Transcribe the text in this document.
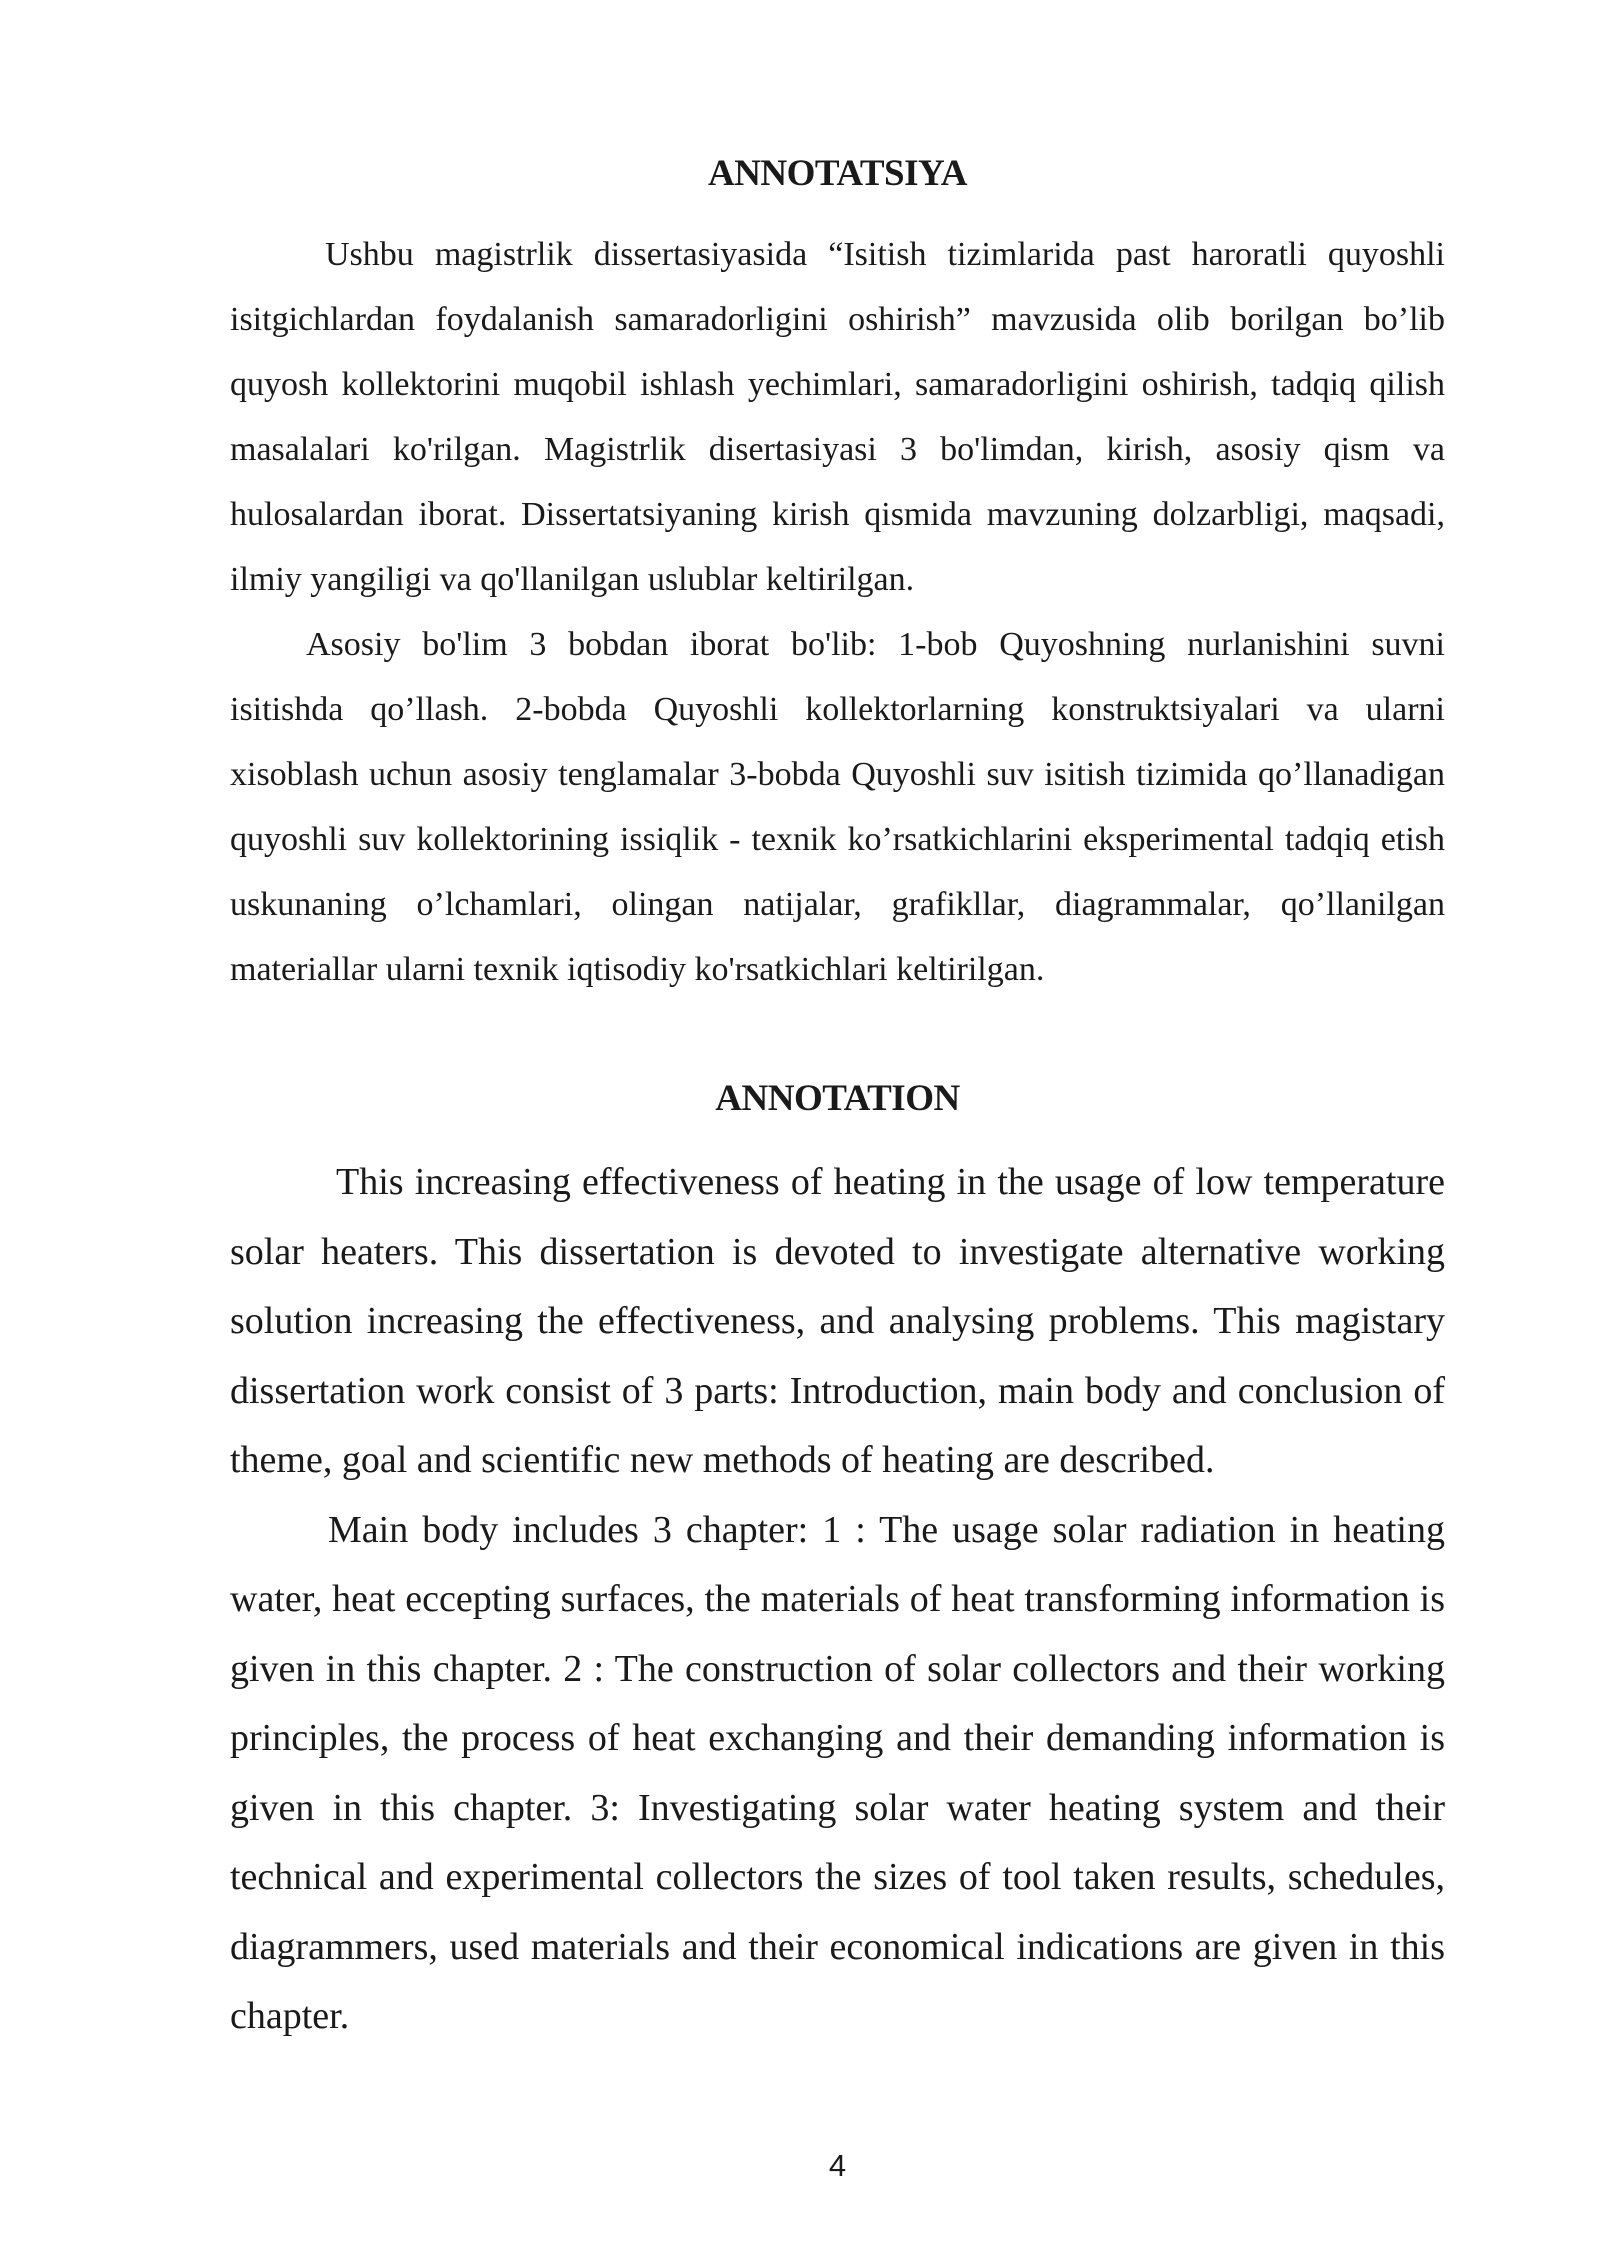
ANNOTATSIYA

Ushbu magistrlik dissertasiyasida “Isitish tizimlarida past haroratli quyoshli isitgichlardan foydalanish samaradorligini oshirish” mavzusida olib borilgan bo’lib quyosh kollektorini muqobil ishlash yechimlari, samaradorligini oshirish, tadqiq qilish masalalari ko'rilgan. Magistrlik disertasiyasi 3 bo'limdan, kirish, asosiy qism va hulosalardan iborat. Dissertatsiyaning kirish qismida mavzuning dolzarbligi, maqsadi, ilmiy yangiligi va qo'llanilgan uslublar keltirilgan.

Asosiy bo'lim 3 bobdan iborat bo'lib: 1-bob Quyoshning nurlanishini suvni isitishda qo’llash. 2-bobda Quyoshli kollektorlarning konstruktsiyalari va ularni xisoblash uchun asosiy tenglamalar 3-bobda Quyoshli suv isitish tizimida qo’llanadigan quyoshli suv kollektorining issiqlik - texnik ko’rsatkichlarini eksperimental tadqiq etish uskunaning o’lchamlari, olingan natijalar, grafikllar, diagrammalar, qo’llanilgan materiallar ularni texnik iqtisodiy ko'rsatkichlari keltirilgan.

ANNOTATION

This increasing effectiveness of heating in the usage of low temperature solar heaters. This dissertation is devoted to investigate alternative working solution increasing the effectiveness, and analysing problems. This magistary dissertation work consist of 3 parts: Introduction, main body and conclusion of theme, goal and scientific new methods of heating are described.

Main body includes 3 chapter: 1 : The usage solar radiation in heating water, heat eccepting surfaces, the materials of heat transforming information is given in this chapter. 2 : The construction of solar collectors and their working principles, the process of heat exchanging and their demanding information is given in this chapter. 3: Investigating solar water heating system and their technical and experimental collectors the sizes of tool taken results, schedules, diagrammers, used materials and their economical indications are given in this chapter.

4
